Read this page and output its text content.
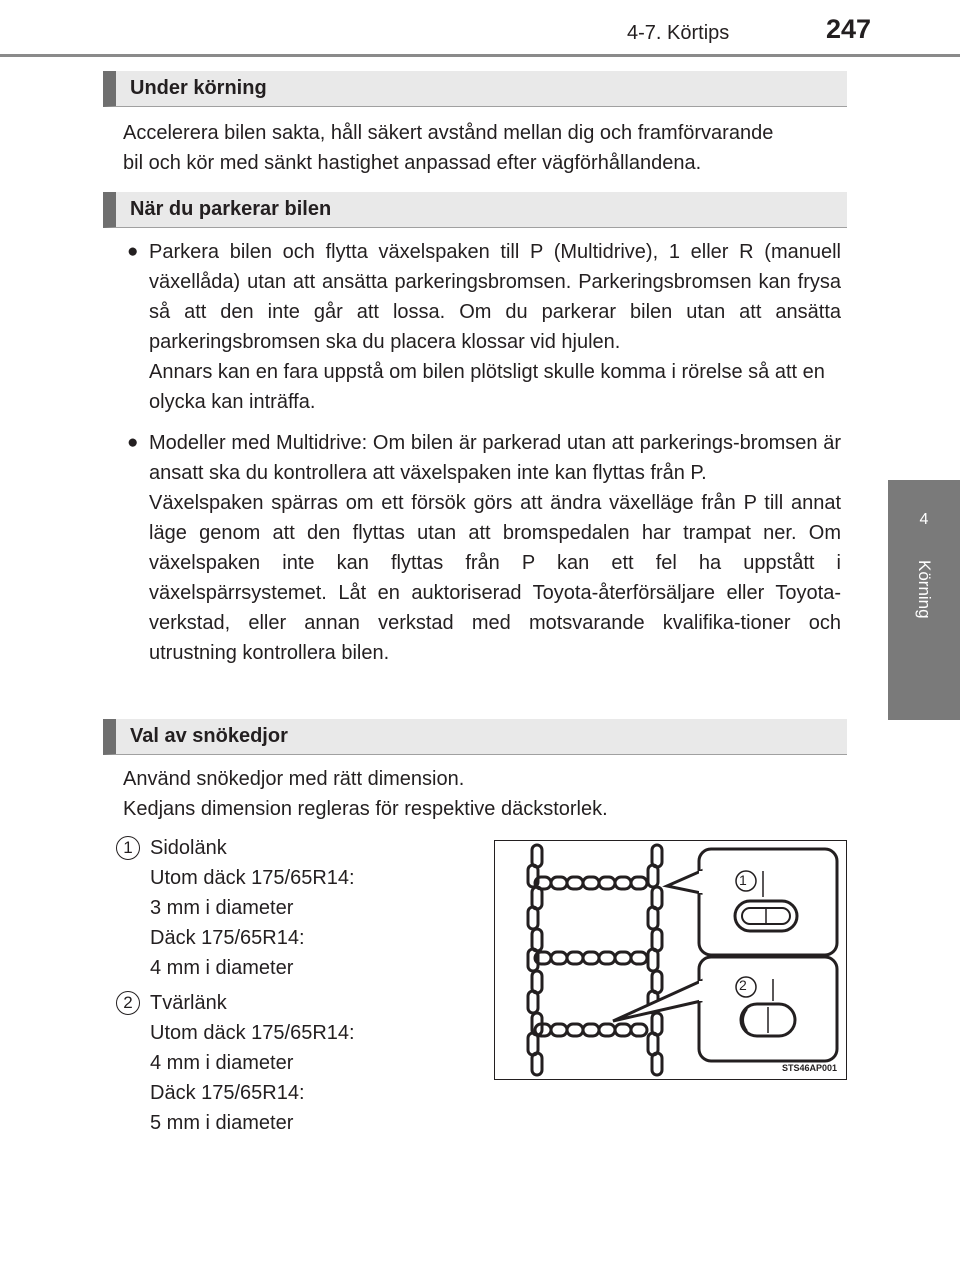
4-7. Körtips	247
4
Körning
Under körning

Accelerera bilen sakta, håll säkert avstånd mellan dig och framförvarande

bil och kör med sänkt hastighet anpassad efter vägförhållandena.

När du parkerar bilen
● Parkera bilen och flytta växelspaken till P (Multidrive), 1 eller R (manuell växellåda) utan att ansätta parkeringsbromsen. Parkeringsbromsen kan frysa så att den inte går att lossa. Om du parkerar bilen utan att ansätta parkeringsbromsen ska du placera klossar vid hjulen.

Annars kan en fara uppstå om bilen plötsligt skulle komma i rörelse så att en olycka kan inträffa.

● Modeller med Multidrive: Om bilen är parkerad utan att parkerings-bromsen är ansatt ska du kontrollera att växelspaken inte kan flyttas från P.

Växelspaken spärras om ett försök görs att ändra växelläge från P till annat läge genom att den flyttas utan att bromspedalen har trampat ner. Om växelspaken inte kan flyttas från P kan ett fel ha uppstått i växelspärrsystemet. Låt en auktoriserad Toyota-återförsäljare eller Toyota-verkstad, eller annan verkstad med motsvarande kvalifika-tioner och utrustning kontrollera bilen.

Val av snökedjor

Använd snökedjor med rätt dimension.

Kedjans dimension regleras för respektive däckstorlek.

1 Sidolänk

Utom däck 175/65R14:

3 mm i diameter

Däck 175/65R14:

4 mm i diameter

2 Tvärlänk

Utom däck 175/65R14:

4 mm i diameter

Däck 175/65R14:

5 mm i diameter

1
2
STS46AP001
